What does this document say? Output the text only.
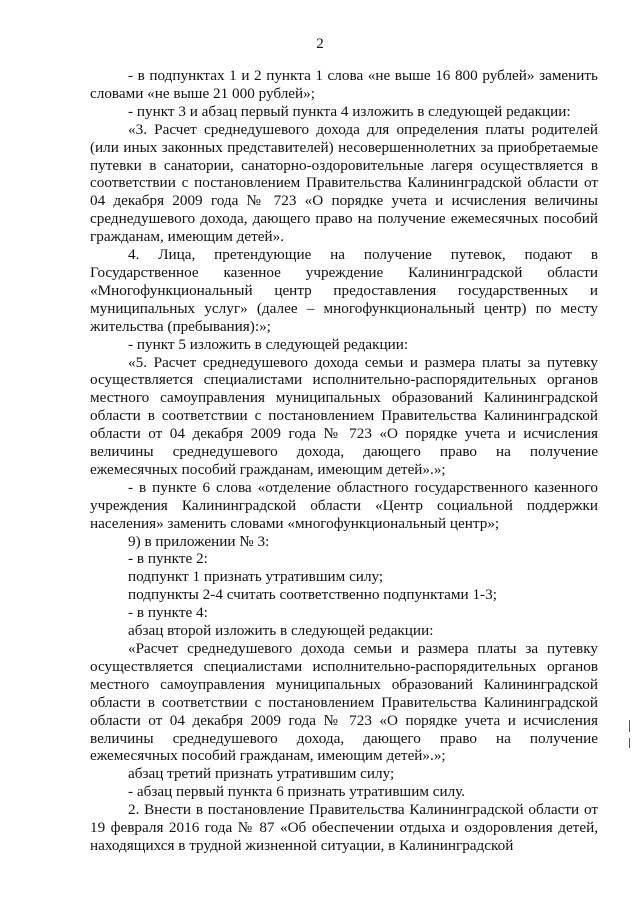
2

- в подпунктах 1 и 2 пункта 1 слова «не выше 16 800 рублей» заменить словами «не выше 21 000 рублей»;

- пункт 3 и абзац первый пункта 4 изложить в следующей редакции:

«3. Расчет среднедушевого дохода для определения платы родителей (или иных законных представителей) несовершеннолетних за приобретаемые путевки в санатории, санаторно-оздоровительные лагеря осуществляется в соответствии с постановлением Правительства Калининградской области от 04 декабря 2009 года № 723 «О порядке учета и исчисления величины среднедушевого дохода, дающего право на получение ежемесячных пособий гражданам, имеющим детей».

4. Лица, претендующие на получение путевок, подают в Государственное казенное учреждение Калининградской области «Многофункциональный центр предоставления государственных и муниципальных услуг» (далее – многофункциональный центр) по месту жительства (пребывания):»;

- пункт 5 изложить в следующей редакции:

«5. Расчет среднедушевого дохода семьи и размера платы за путевку осуществляется специалистами исполнительно-распорядительных органов местного самоуправления муниципальных образований Калининградской области в соответствии с постановлением Правительства Калининградской области от 04 декабря 2009 года № 723 «О порядке учета и исчисления величины среднедушевого дохода, дающего право на получение ежемесячных пособий гражданам, имеющим детей».»;

- в пункте 6 слова «отделение областного государственного казенного учреждения Калининградской области «Центр социальной поддержки населения» заменить словами «многофункциональный центр»;

9) в приложении № 3:

- в пункте 2:

подпункт 1 признать утратившим силу;

подпункты 2-4 считать соответственно подпунктами 1-3;

- в пункте 4:

абзац второй изложить в следующей редакции:

«Расчет среднедушевого дохода семьи и размера платы за путевку осуществляется специалистами исполнительно-распорядительных органов местного самоуправления муниципальных образований Калининградской области в соответствии с постановлением Правительства Калининградской области от 04 декабря 2009 года № 723 «О порядке учета и исчисления величины среднедушевого дохода, дающего право на получение ежемесячных пособий гражданам, имеющим детей».»;

абзац третий признать утратившим силу;

- абзац первый пункта 6 признать утратившим силу.

2. Внести в постановление Правительства Калининградской области от 19 февраля 2016 года № 87 «Об обеспечении отдыха и оздоровления детей, находящихся в трудной жизненной ситуации, в Калининградской
